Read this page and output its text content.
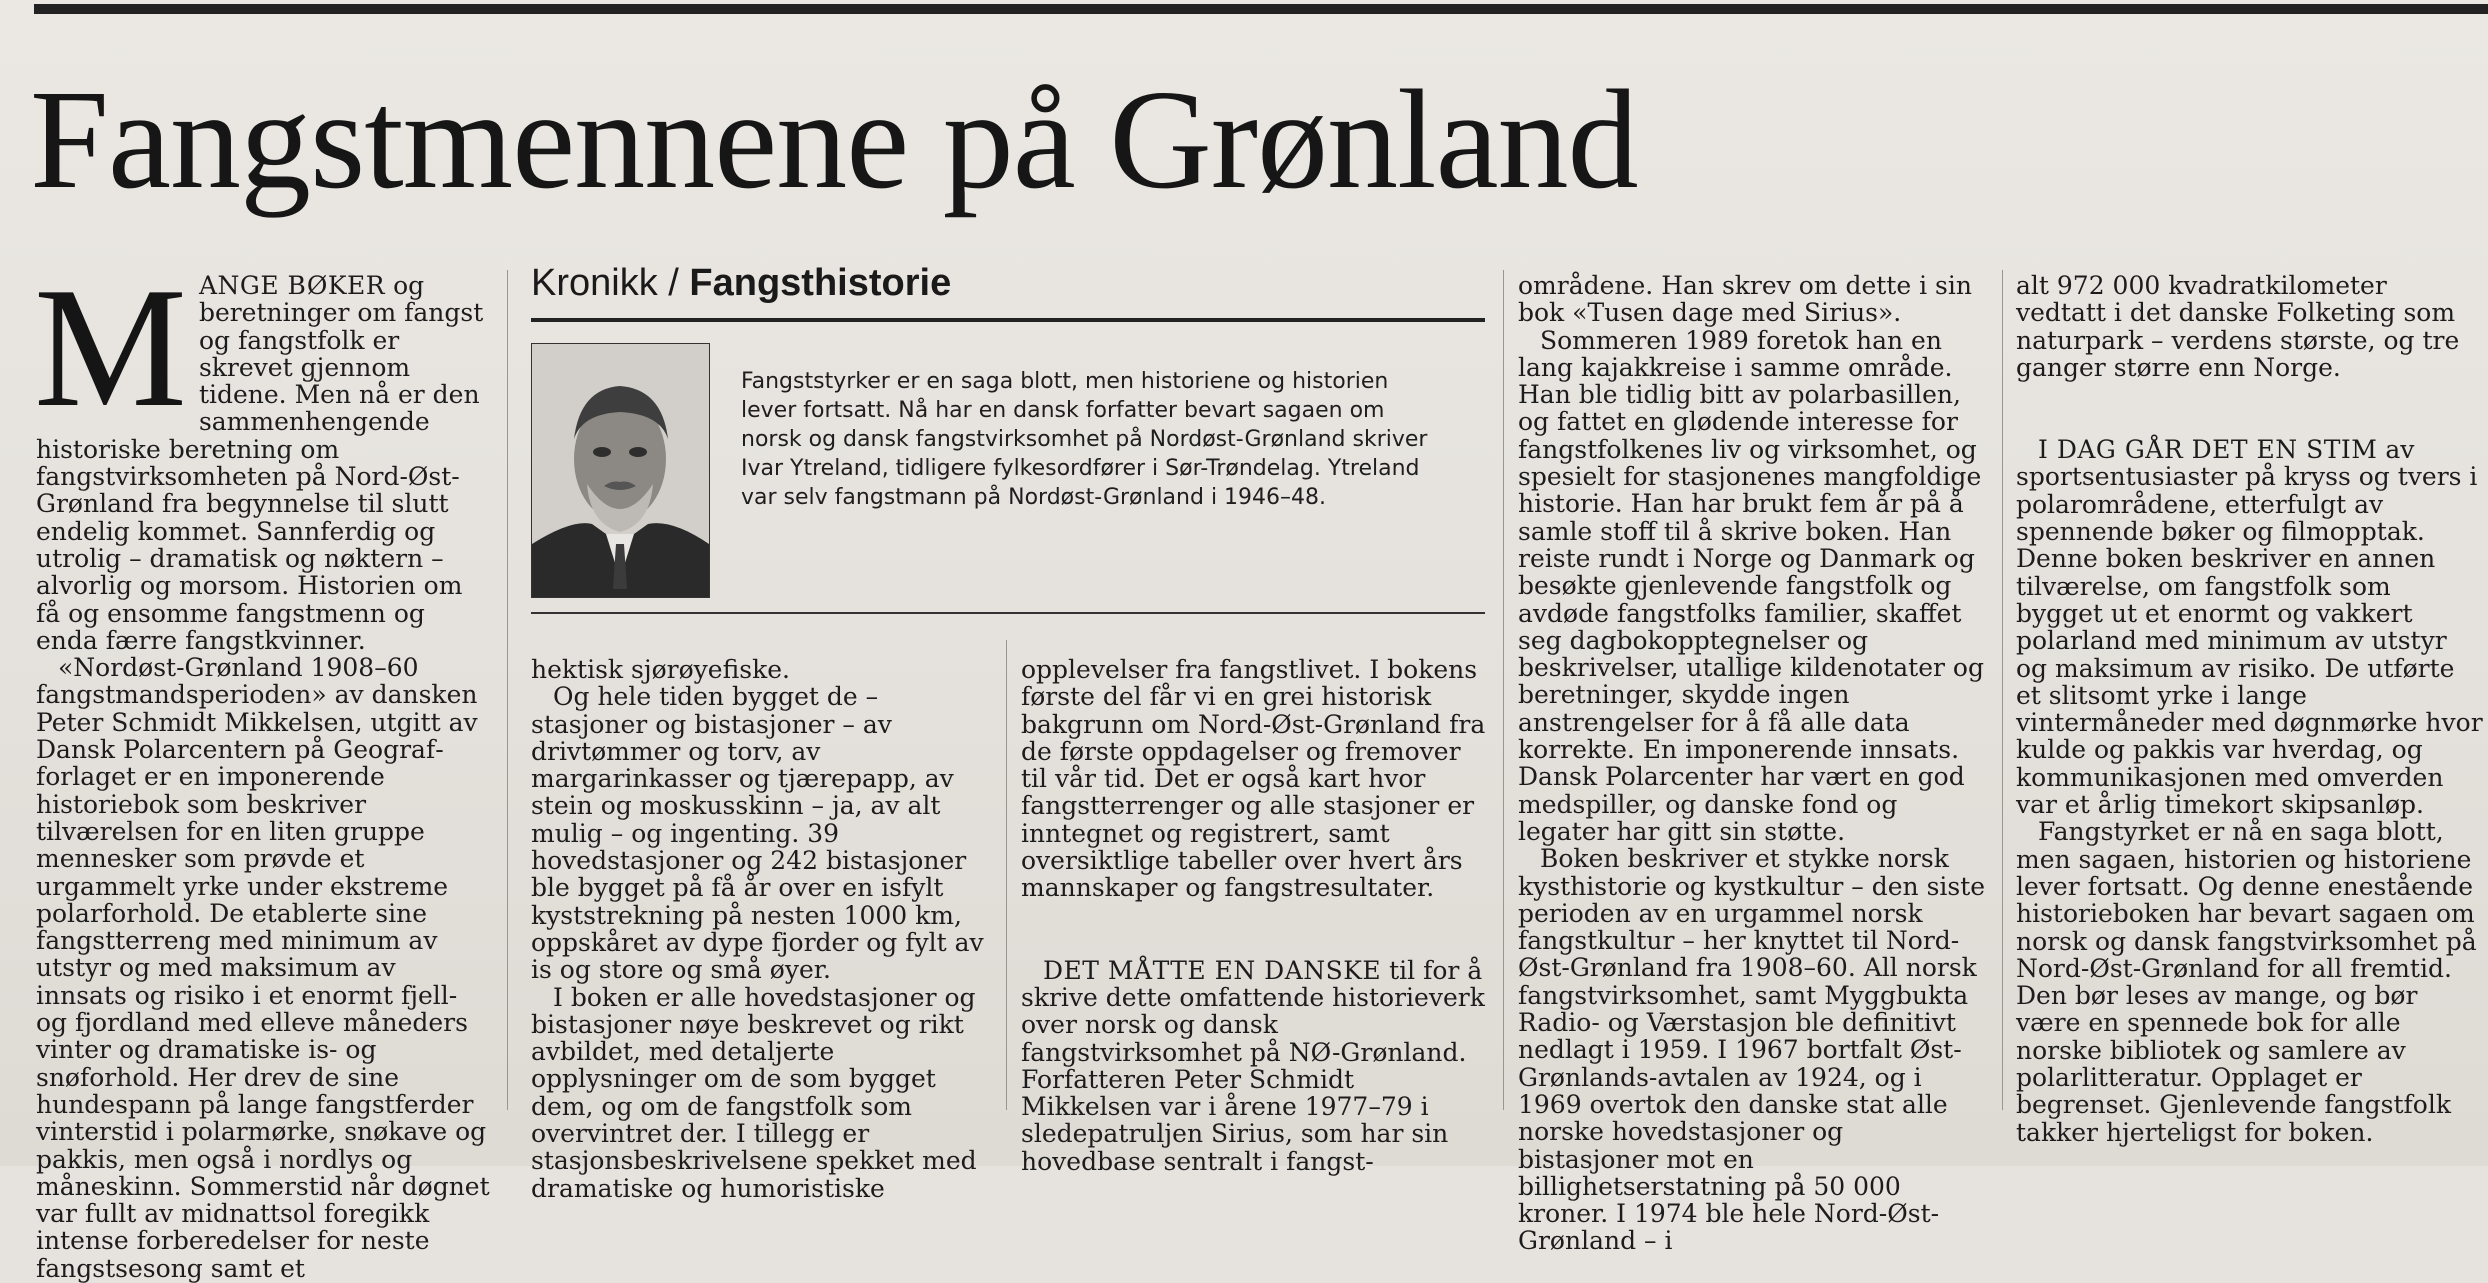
Fangstmennene på Grønland

MANGE BØKER og beretninger om fangst og fangstfolk er skrevet gjennom tidene. Men nå er den sammenhengende historiske beretning om fangstvirksomheten på Nord-Øst-Grønland fra begynnelse til slutt endelig kommet. Sannferdig og utrolig – dramatisk og nøktern – alvorlig og morsom. Historien om få og ensomme fangstmenn og enda færre fangstkvinner.

«Nordøst-Grønland 1908–60 fangstmandsperioden» av dansken Peter Schmidt Mikkelsen, utgitt av Dansk Polarcentern på Geografforlaget er en imponerende historiebok som beskriver tilværelsen for en liten gruppe mennesker som prøvde et urgammelt yrke under ekstreme polarforhold. De etablerte sine fangstterreng med minimum av utstyr og med maksimum av innsats og risiko i et enormt fjell- og fjordland med elleve måneders vinter og dramatiske is- og snøforhold. Her drev de sine hundespann på lange fangstferder vinterstid i polarmørke, snøkave og pakkis, men også i nordlys og måneskinn. Sommerstid når døgnet var fullt av midnattsol foregikk intense forberedelser for neste fangstsesong samt et

Kronikk / Fangsthistorie
Fangststyrker er en saga blott, men historiene og historien lever fortsatt. Nå har en dansk forfatter bevart sagaen om norsk og dansk fangstvirksomhet på Nordøst-Grønland skriver Ivar Ytreland, tidligere fylkesordfører i Sør-Trøndelag. Ytreland var selv fangstmann på Nordøst-Grønland i 1946–48.

hektisk sjørøyefiske.

Og hele tiden bygget de – stasjoner og bistasjoner – av drivtømmer og torv, av margarinkasser og tjærepapp, av stein og moskusskinn – ja, av alt mulig – og ingenting. 39 hovedstasjoner og 242 bistasjoner ble bygget på få år over en isfylt kyststrekning på nesten 1000 km, oppskåret av dype fjorder og fylt av is og store og små øyer.

I boken er alle hovedstasjoner og bistasjoner nøye beskrevet og rikt avbildet, med detaljerte opplysninger om de som bygget dem, og om de fangstfolk som overvintret der. I tillegg er stasjonsbeskrivelsene spekket med dramatiske og humoristiske

opplevelser fra fangstlivet. I bokens første del får vi en grei historisk bakgrunn om Nord-Øst-Grønland fra de første oppdagelser og fremover til vår tid. Det er også kart hvor fangstterrenger og alle stasjoner er inntegnet og registrert, samt oversiktlige tabeller over hvert års mannskaper og fangstresultater.

DET MÅTTE EN DANSKE til for å skrive dette omfattende historieverk over norsk og dansk fangstvirksomhet på NØ-Grønland. Forfatteren Peter Schmidt Mikkelsen var i årene 1977–79 i sledepatruljen Sirius, som har sin hovedbase sentralt i fangst-

områdene. Han skrev om dette i sin bok «Tusen dage med Sirius».

Sommeren 1989 foretok han en lang kajakkreise i samme område. Han ble tidlig bitt av polarbasillen, og fattet en glødende interesse for fangstfolkenes liv og virksomhet, og spesielt for stasjonenes mangfoldige historie. Han har brukt fem år på å samle stoff til å skrive boken. Han reiste rundt i Norge og Danmark og besøkte gjenlevende fangstfolk og avdøde fangstfolks familier, skaffet seg dagbokopptegnelser og beskrivelser, utallige kildenotater og beretninger, skydde ingen anstrengelser for å få alle data korrekte. En imponerende innsats. Dansk Polarcenter har vært en god medspiller, og danske fond og legater har gitt sin støtte.

Boken beskriver et stykke norsk kysthistorie og kystkultur – den siste perioden av en urgammel norsk fangstkultur – her knyttet til Nord-Øst-Grønland fra 1908–60. All norsk fangstvirksomhet, samt Myggbukta Radio- og Værstasjon ble definitivt nedlagt i 1959. I 1967 bortfalt Øst-Grønlands-avtalen av 1924, og i 1969 overtok den danske stat alle norske hovedstasjoner og bistasjoner mot en billighetserstatning på 50 000 kroner. I 1974 ble hele Nord-Øst-Grønland – i

alt 972 000 kvadratkilometer vedtatt i det danske Folketing som naturpark – verdens største, og tre ganger større enn Norge.

I DAG GÅR DET EN STIM av sportsentusiaster på kryss og tvers i polarområdene, etterfulgt av spennende bøker og filmopptak. Denne boken beskriver en annen tilværelse, om fangstfolk som bygget ut et enormt og vakkert polarland med minimum av utstyr og maksimum av risiko. De utførte et slitsomt yrke i lange vintermåneder med døgnmørke hvor kulde og pakkis var hverdag, og kommunikasjonen med omverden var et årlig timekort skipsanløp.

Fangstyrket er nå en saga blott, men sagaen, historien og historiene lever fortsatt. Og denne enestående historieboken har bevart sagaen om norsk og dansk fangstvirksomhet på Nord-Øst-Grønland for all fremtid. Den bør leses av mange, og bør være en spennede bok for alle norske bibliotek og samlere av polarlitteratur. Opplaget er begrenset. Gjenlevende fangstfolk takker hjerteligst for boken.
